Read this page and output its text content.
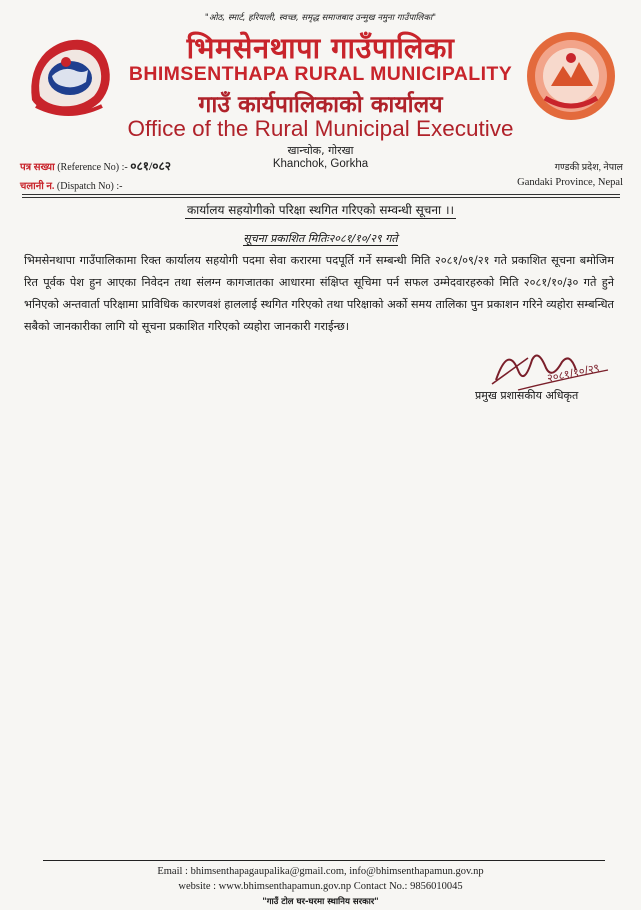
"ओठ, स्मार्ट, हरियाली, स्वच्छ, समृद्ध समाजबाद उन्मुख नमुना गाउँपालिका"
भिमसेनथापा गाउँपालिका
BHIMSENTHAPA RURAL MUNICIPALITY
गाउँ कार्यपालिकाको कार्यालय
Office of the Rural Municipal Executive
खान्चोक, गोरखा
Khanchok, Gorkha
पत्र सख्या (Reference No) :- ०८१/०८२
चलानी न. (Dispatch No) :-
गण्डकी प्रदेश, नेपाल
Gandaki Province, Nepal
कार्यालय सहयोगीको परिक्षा स्थगित गरिएको सम्वन्धी सूचना ।।
सूचना प्रकाशित मितिः२०८१/१०/२९ गते
भिमसेनथापा गाउँपालिकामा रिक्त कार्यालय सहयोगी पदमा सेवा करारमा पदपूर्ति गर्ने सम्बन्धी मिति २०८१/०९/२१ गते प्रकाशित सूचना बमोजिम रित पूर्वक पेश हुन आएका निवेदन तथा संलग्न कागजातका आधारमा संक्षिप्त सूचिमा पर्न सफल उम्मेदवारहरुको मिति २०८१/१०/३० गते हुने भनिएको अन्तवार्ता परिक्षामा प्राविधिक कारणवशं हाललाई स्थगित गरिएको तथा परिक्षाको अर्को समय तालिका पुन प्रकाशन गरिने व्यहोरा सम्बन्धित सबैको जानकारीका लागि यो सूचना प्रकाशित गरिएको व्यहोरा जानकारी गराईन्छ।
२०८१/१०/२९
प्रमुख प्रशासकीय अधिकृत
Email : bhimsenthapagaupalika@gmail.com, info@bhimsenthapamun.gov.np
website : www.bhimsenthapamun.gov.np Contact No.: 9856010045
"गाउँ टोल घर-घरमा स्थानिय सरकार"
